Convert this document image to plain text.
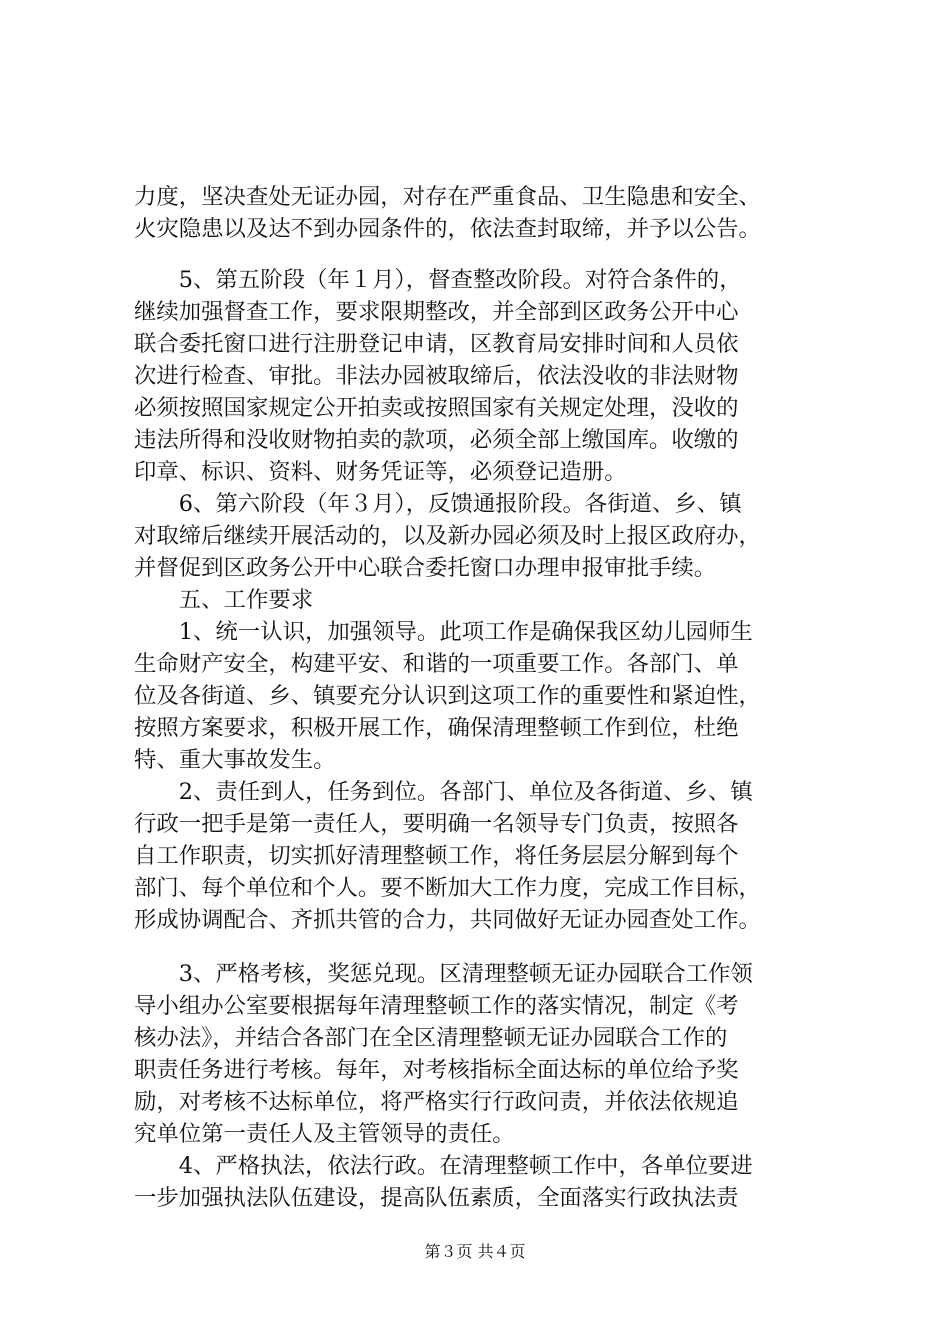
力度，坚决查处无证办园，对存在严重食品、卫生隐患和安全、
火灾隐患以及达不到办园条件的，依法查封取缔，并予以公告。
　　5、第五阶段（年１月），督查整改阶段。对符合条件的，
继续加强督查工作，要求限期整改，并全部到区政务公开中心
联合委托窗口进行注册登记申请，区教育局安排时间和人员依
次进行检查、审批。非法办园被取缔后，依法没收的非法财物
必须按照国家规定公开拍卖或按照国家有关规定处理，没收的
违法所得和没收财物拍卖的款项，必须全部上缴国库。收缴的
印章、标识、资料、财务凭证等，必须登记造册。
　　6、第六阶段（年３月），反馈通报阶段。各街道、乡、镇
对取缔后继续开展活动的，以及新办园必须及时上报区政府办，
并督促到区政务公开中心联合委托窗口办理申报审批手续。
　　五、工作要求
　　1、统一认识，加强领导。此项工作是确保我区幼儿园师生
生命财产安全，构建平安、和谐的一项重要工作。各部门、单
位及各街道、乡、镇要充分认识到这项工作的重要性和紧迫性，
按照方案要求，积极开展工作，确保清理整顿工作到位，杜绝
特、重大事故发生。
　　2、责任到人，任务到位。各部门、单位及各街道、乡、镇
行政一把手是第一责任人，要明确一名领导专门负责，按照各
自工作职责，切实抓好清理整顿工作，将任务层层分解到每个
部门、每个单位和个人。要不断加大工作力度，完成工作目标，
形成协调配合、齐抓共管的合力，共同做好无证办园查处工作。
　　3、严格考核，奖惩兑现。区清理整顿无证办园联合工作领
导小组办公室要根据每年清理整顿工作的落实情况，制定《考
核办法》，并结合各部门在全区清理整顿无证办园联合工作的
职责任务进行考核。每年，对考核指标全面达标的单位给予奖
励，对考核不达标单位，将严格实行行政问责，并依法依规追
究单位第一责任人及主管领导的责任。
　　4、严格执法，依法行政。在清理整顿工作中，各单位要进
一步加强执法队伍建设，提高队伍素质，全面落实行政执法责
第３页 共４页
